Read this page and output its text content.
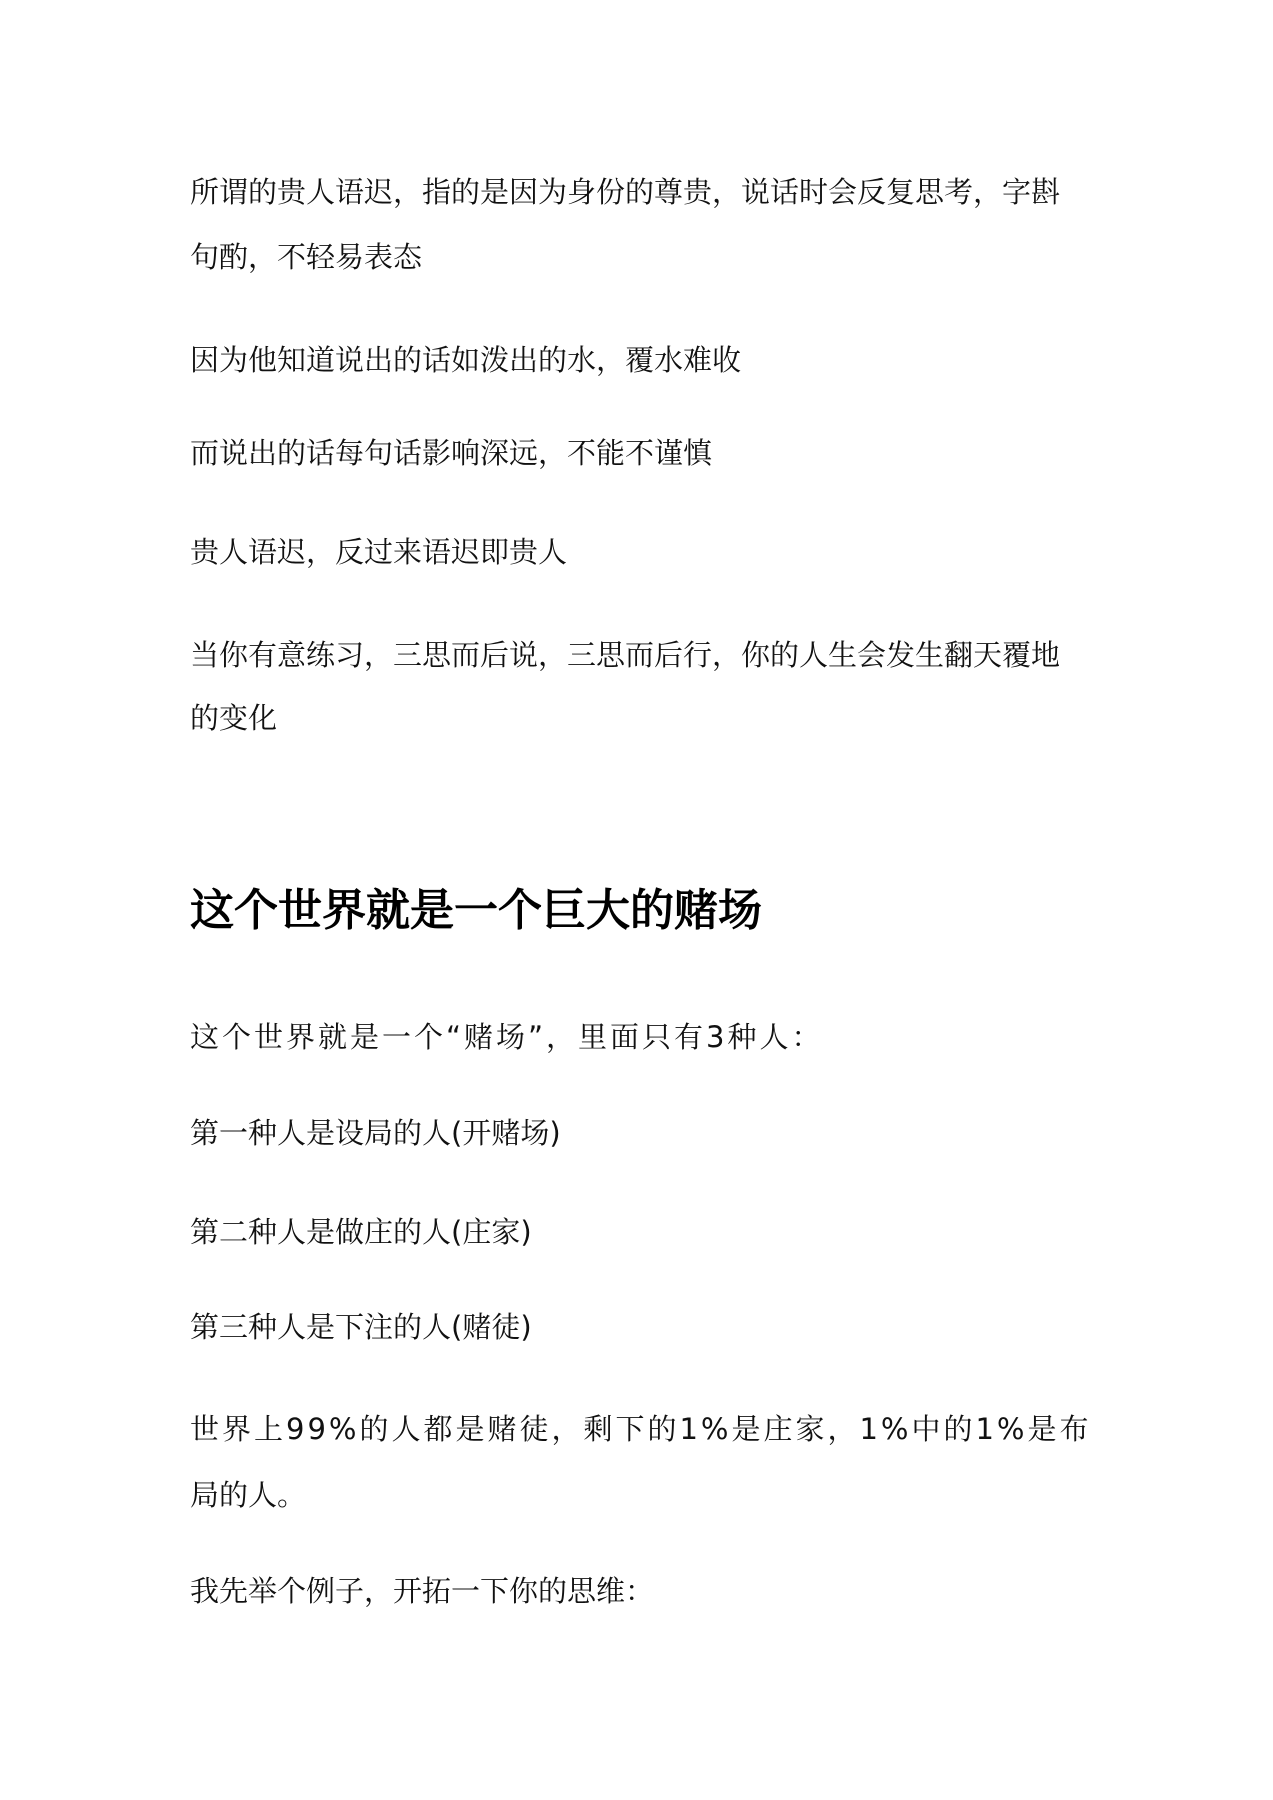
所谓的贵人语迟，指的是因为身份的尊贵，说话时会反复思考，字斟
句酌，不轻易表态
因为他知道说出的话如泼出的水，覆水难收
而说出的话每句话影响深远，不能不谨慎
贵人语迟，反过来语迟即贵人
当你有意练习，三思而后说，三思而后行，你的人生会发生翻天覆地
的变化
这个世界就是一个巨大的赌场
这个世界就是一个“赌场”，里面只有3种人：
第一种人是设局的人(开赌场)
第二种人是做庄的人(庄家)
第三种人是下注的人(赌徒)
世界上99%的人都是赌徒，剩下的1%是庄家，1%中的1%是布
局的人。
我先举个例子，开拓一下你的思维：
